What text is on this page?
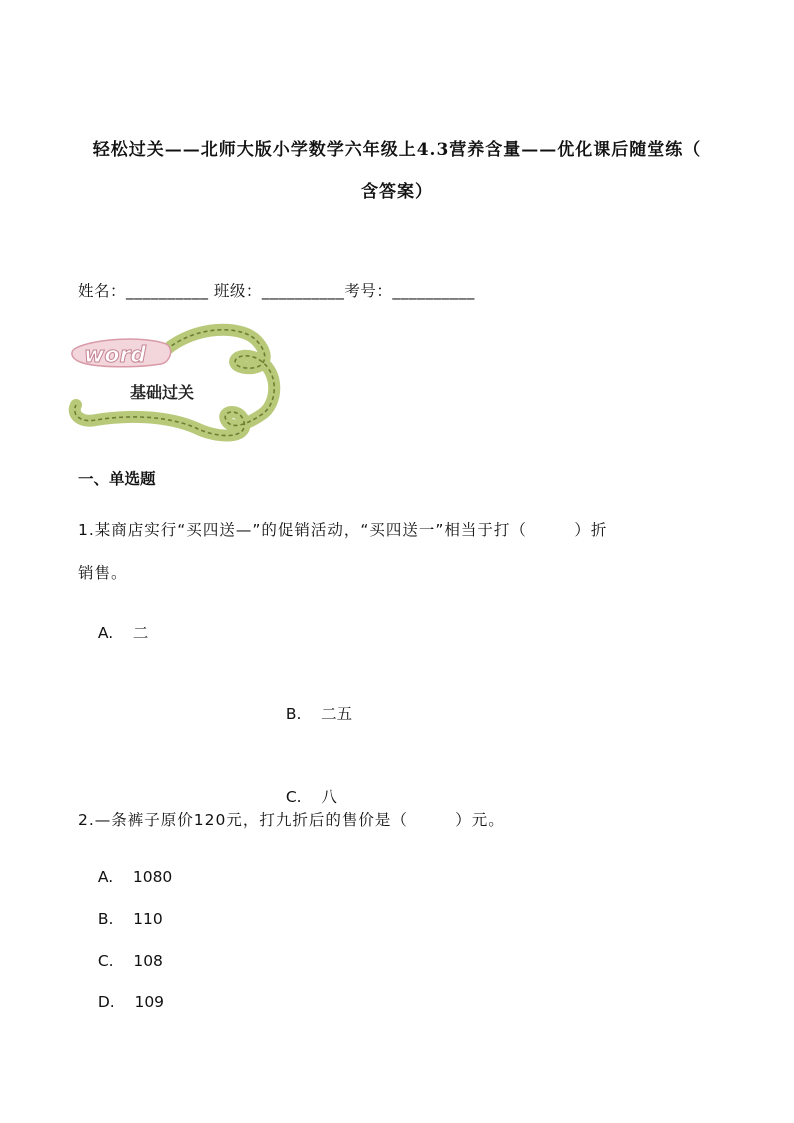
轻松过关——北师大版小学数学六年级上4.3营养含量——优化课后随堂练（
含答案）
姓名：__________ 班级：__________考号：__________
word
基础过关
一、单选题
1.某商店实行“买四送—”的促销活动，“买四送一”相当于打（        ）折
销售。

A. 二

B. 二五

C. 八

2.—条裤子原价120元，打九折后的售价是（        ）元。

A. 1080

B. 110

C. 108

D. 109
